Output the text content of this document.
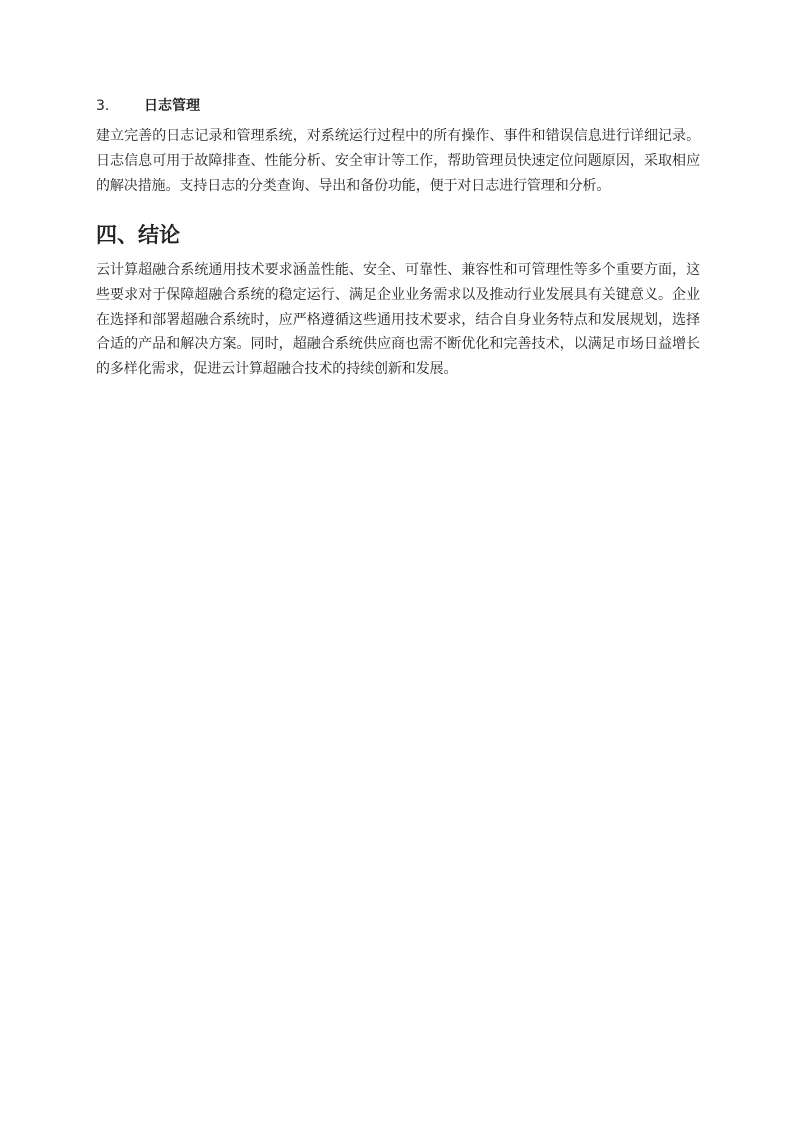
3. 日志管理

建立完善的日志记录和管理系统，对系统运行过程中的所有操作、事件和错误信息进行详细记录。日志信息可用于故障排查、性能分析、安全审计等工作，帮助管理员快速定位问题原因，采取相应的解决措施。支持日志的分类查询、导出和备份功能，便于对日志进行管理和分析。

四、结论

云计算超融合系统通用技术要求涵盖性能、安全、可靠性、兼容性和可管理性等多个重要方面，这些要求对于保障超融合系统的稳定运行、满足企业业务需求以及推动行业发展具有关键意义。企业在选择和部署超融合系统时，应严格遵循这些通用技术要求，结合自身业务特点和发展规划，选择合适的产品和解决方案。同时，超融合系统供应商也需不断优化和完善技术，以满足市场日益增长的多样化需求，促进云计算超融合技术的持续创新和发展。
